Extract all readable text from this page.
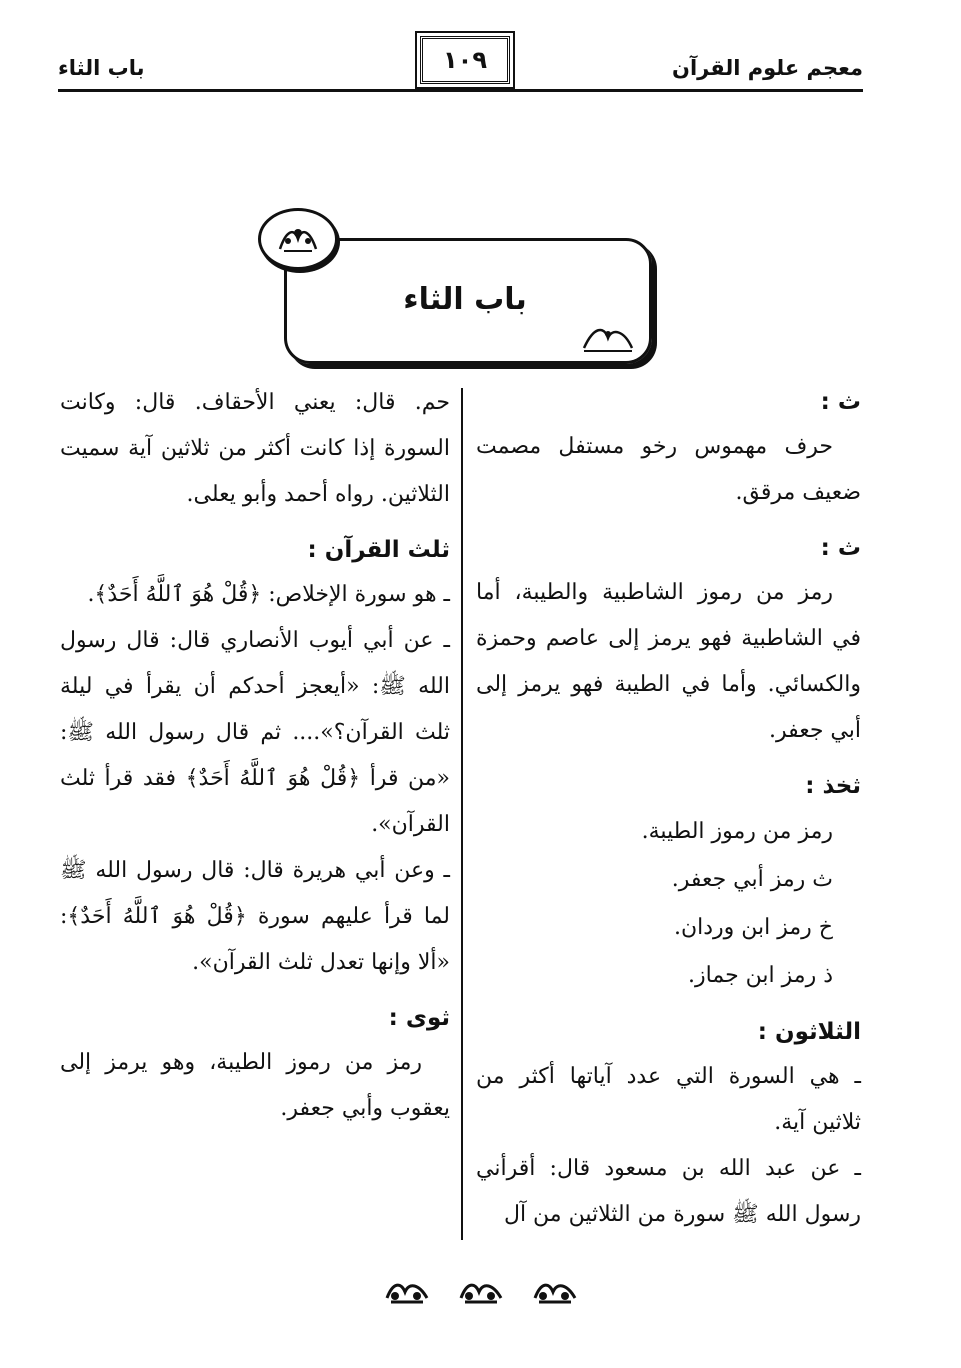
معجم علوم القرآن
١٠٩
باب الثاء
باب الثاء
ث :

حرف مهموس رخو مستفل مصمت ضعيف مرقق.

ث :

رمز من رموز الشاطبية والطيبة، أما في الشاطبية فهو يرمز إلى عاصم وحمزة والكسائي. وأما في الطيبة فهو يرمز إلى أبي جعفر.

ثخذ :

رمز من رموز الطيبة.

ث رمز أبي جعفر.

خ رمز ابن وردان.

ذ رمز ابن جماز.

الثلاثون :

ـ هي السورة التي عدد آياتها أكثر من ثلاثين آية.

ـ عن عبد الله بن مسعود قال: أقرأني رسول الله ﷺ سورة من الثلاثين من آل

حم. قال: يعني الأحقاف. قال: وكانت السورة إذا كانت أكثر من ثلاثين آية سميت الثلاثين. رواه أحمد وأبو يعلى.

ثلث القرآن :

ـ هو سورة الإخلاص: ﴿قُلْ هُوَ ٱللَّهُ أَحَدٌ﴾.

ـ عن أبي أيوب الأنصاري قال: قال رسول الله ﷺ: «أيعجز أحدكم أن يقرأ في ليلة ثلث القرآن؟».... ثم قال رسول الله ﷺ: «من قرأ ﴿قُلْ هُوَ ٱللَّهُ أَحَدٌ﴾ فقد قرأ ثلث القرآن».

ـ وعن أبي هريرة قال: قال رسول الله ﷺ لما قرأ عليهم سورة ﴿قُلْ هُوَ ٱللَّهُ أَحَدٌ﴾: «ألا وإنها تعدل ثلث القرآن».

ثوى :

رمز من رموز الطيبة، وهو يرمز إلى يعقوب وأبي جعفر.
